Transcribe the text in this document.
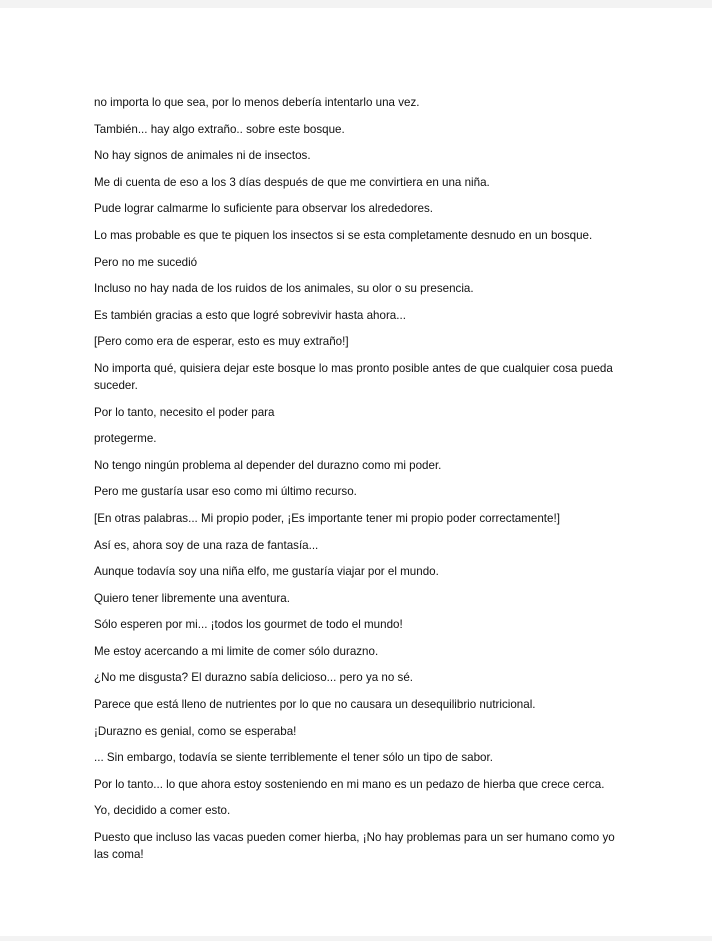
no importa lo que sea, por lo menos debería intentarlo una vez.

También... hay algo extraño.. sobre este bosque.

No hay signos de animales ni de insectos.

Me di cuenta de eso a los 3 días después de que me convirtiera en una niña.

Pude lograr calmarme lo suficiente para observar los alrededores.

Lo mas probable es que te piquen los insectos si se esta completamente desnudo en un bosque.

Pero no me sucedió

Incluso no hay nada de los ruidos de los animales, su olor o su presencia.

Es también gracias a esto que logré sobrevivir hasta ahora...

[Pero como era de esperar, esto es muy extraño!]

No importa qué, quisiera dejar este bosque lo mas pronto posible antes de que cualquier cosa pueda suceder.

Por lo tanto, necesito el poder para

protegerme.

No tengo ningún problema al depender del durazno como mi poder.

Pero me gustaría usar eso como mi último recurso.

[En otras palabras... Mi propio poder, ¡Es importante tener mi propio poder correctamente!]

Así es, ahora soy de una raza de fantasía...

Aunque todavía soy una niña elfo, me gustaría viajar por el mundo.

Quiero tener libremente una aventura.

Sólo esperen por mi... ¡todos los gourmet de todo el mundo!

Me estoy acercando a mi limite de comer sólo durazno.

¿No me disgusta? El durazno sabía delicioso... pero ya no sé.

Parece que está lleno de nutrientes por lo que no causara un desequilibrio nutricional.

¡Durazno es genial, como se esperaba!

... Sin embargo, todavía se siente terriblemente el tener sólo un tipo de sabor.

Por lo tanto... lo que ahora estoy sosteniendo en mi mano es un pedazo de hierba que crece cerca.

Yo, decidido a comer esto.

Puesto que incluso las vacas pueden comer hierba, ¡No hay problemas para un ser humano como yo las coma!
